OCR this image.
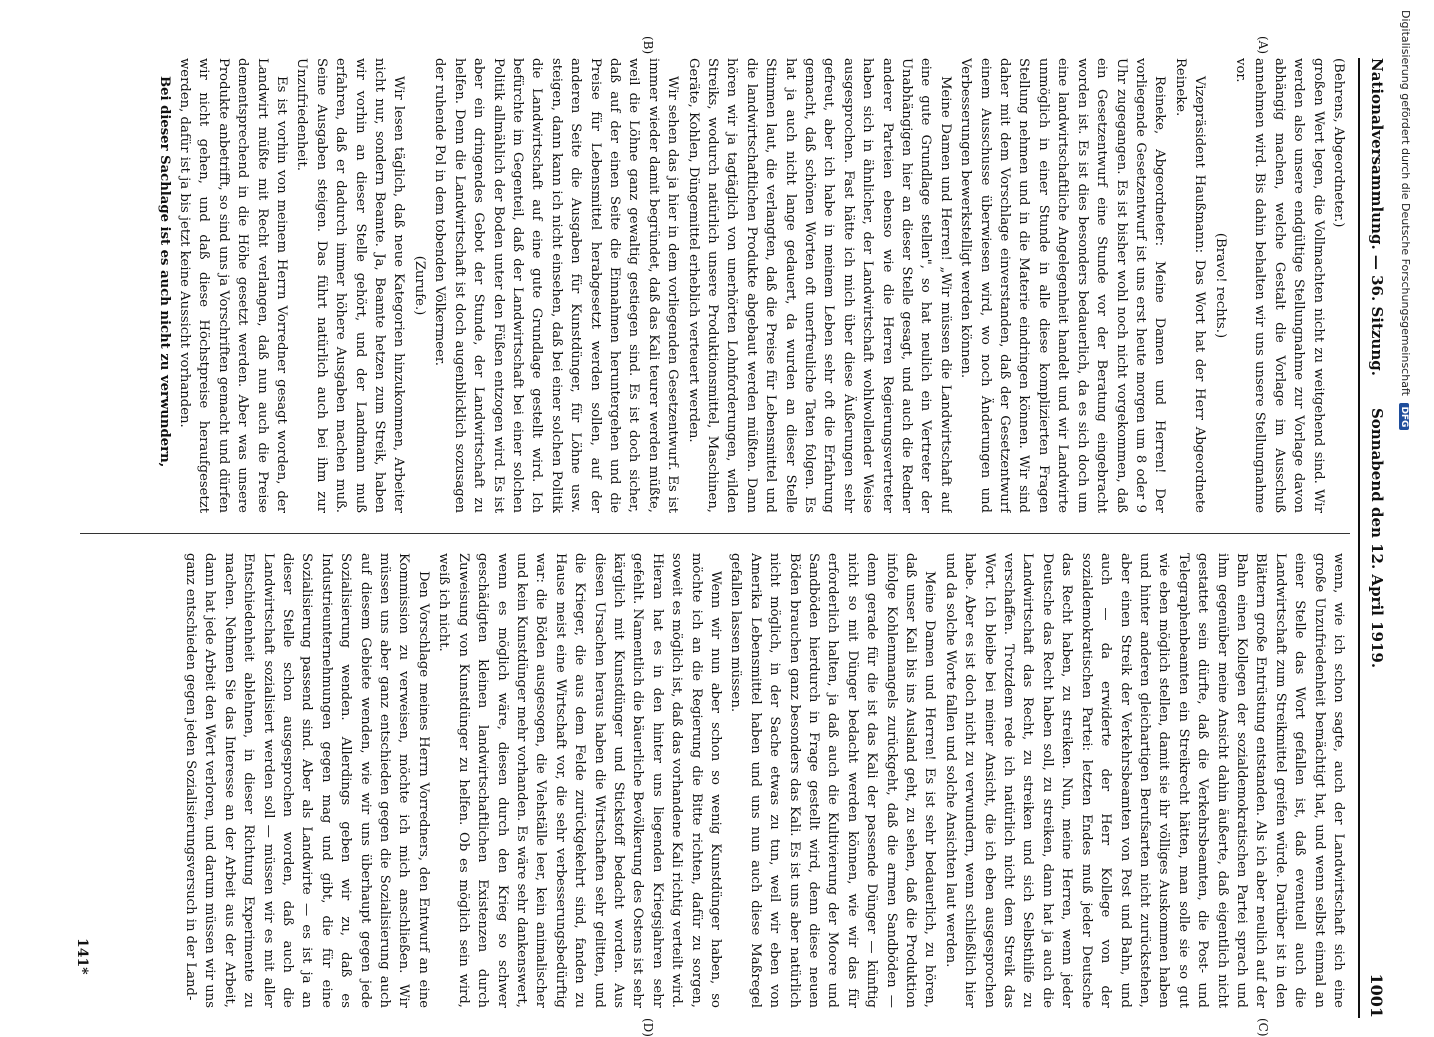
Nationalversammlung. — 36. Sitzung.
Sonnabend den 12. April 1919.
1001
(A)
(B)
(C)
(D)

(Behrens, Abgeordneter.)

großen Wert legen, die Vollmachten nicht zu weitgehend sind. Wir werden also unsere endgültige Stellungnahme zur Vorlage davon abhängig machen, welche Gestalt die Vorlage im Ausschuß annehmen wird. Bis dahin behalten wir uns unsere Stellungnahme vor.

(Bravo! rechts.)

Vizepräsident Haußmann: Das Wort hat der Herr Abgeordnete Reineke.

Reineke, Abgeordneter: Meine Damen und Herren! Der vorliegende Gesetzentwurf ist uns erst heute morgen um 8 oder 9 Uhr zugegangen. Es ist bisher wohl noch nicht vorgekommen, daß ein Gesetzentwurf eine Stunde vor der Beratung eingebracht worden ist. Es ist dies besonders bedauerlich, da es sich doch um eine landwirtschaftliche Angelegenheit handelt und wir Landwirte unmöglich in einer Stunde in alle diese komplizierten Fragen Stellung nehmen und in die Materie eindringen können. Wir sind daher mit dem Vorschlage einverstanden, daß der Gesetzentwurf einem Ausschusse überwiesen wird, wo noch Änderungen und Verbesserungen bewerkstelligt werden können.

Meine Damen und Herren! „Wir müssen die Landwirtschaft auf eine gute Grundlage stellen", so hat neulich ein Vertreter der Unabhängigen hier an dieser Stelle gesagt, und auch die Redner anderer Parteien ebenso wie die Herren Regierungsvertreter haben sich in ähnlicher, der Landwirtschaft wohlwollender Weise ausgesprochen. Fast hätte ich mich über diese Äußerungen sehr gefreut, aber ich habe in meinem Leben sehr oft die Erfahrung gemacht, daß schönen Worten oft unerfreuliche Taten folgen. Es hat ja auch nicht lange gedauert, da wurden an dieser Stelle Stimmen laut, die verlangten, daß die Preise für Lebensmittel und die landwirtschaftlichen Produkte abgebaut werden müßten. Dann hören wir ja tagtäglich von unerhörten Lohnforderungen, wilden Streiks, wodurch natürlich unsere Produktionsmittel, Maschinen, Geräte, Kohlen, Düngemittel erheblich verteuert werden.

Wir sehen das ja hier in dem vorliegenden Gesetzentwurf. Es ist immer wieder damit begründet, daß das Kali teurer werden müßte, weil die Löhne ganz gewaltig gestiegen sind. Es ist doch sicher, daß auf der einen Seite die Einnahmen heruntergehen und die Preise für Lebensmittel herabgesetzt werden sollen, auf der anderen Seite die Ausgaben für Kunstdünger, für Löhne usw. steigen, dann kann ich nicht einsehen, daß bei einer solchen Politik die Landwirtschaft auf eine gute Grundlage gestellt wird. Ich befürchte im Gegenteil, daß der Landwirtschaft bei einer solchen Politik allmählich der Boden unter den Füßen entzogen wird. Es ist aber ein dringendes Gebot der Stunde, der Landwirtschaft zu helfen. Denn die Landwirtschaft ist doch augenblicklich sozusagen der ruhende Pol in dem tobenden Völkermeer.

(Zurufe.)

Wir lesen täglich, daß neue Kategorien hinzukommen, Arbeiter nicht nur, sondern Beamte. Ja, Beamte hetzen zum Streik, haben wir vorhin an dieser Stelle gehört, und der Landmann muß erfahren, daß er dadurch immer höhere Ausgaben machen muß. Seine Ausgaben steigen. Das führt natürlich auch bei ihm zur Unzufriedenheit.

Es ist vorhin von meinem Herrn Vorredner gesagt worden, der Landwirt müßte mit Recht verlangen, daß nun auch die Preise dementsprechend in die Höhe gesetzt werden. Aber was unsere Produkte anbetrifft, so sind uns ja Vorschriften gemacht und dürfen wir nicht gehen, und daß diese Höchstpreise heraufgesetzt werden, dafür ist ja bis jetzt keine Aussicht vorhanden.

Bei dieser Sachlage ist es auch nicht zu verwundern,

wenn, wie ich schon sagte, auch der Landwirtschaft sich eine große Unzufriedenheit bemächtigt hat, und wenn selbst einmal an einer Stelle das Wort gefallen ist, daß eventuell auch die Landwirtschaft zum Streikmittel greifen würde. Darüber ist in den Blättern große Entrüstung entstanden. Als ich aber neulich auf der Bahn einen Kollegen der sozialdemokratischen Partei sprach und ihm gegenüber meine Ansicht dahin äußerte, daß eigentlich nicht gestattet sein dürfte, daß die Verkehrsbeamten, die Post- und Telegraphenbeamten ein Streikrecht hätten, man solle sie so gut wie eben möglich stellen, damit sie ihr völliges Auskommen haben und hinter anderen gleichartigen Berufsarten nicht zurückstehen, aber einen Streik der Verkehrsbeamten von Post und Bahn, und auch — da erwiderte der Herr Kollege von der sozialdemokratischen Partei: letzten Endes muß jeder Deutsche das Recht haben, zu streiken. Nun, meine Herren, wenn jeder Deutsche das Recht haben soll, zu streiken, dann hat ja auch die Landwirtschaft das Recht, zu streiken und sich Selbsthilfe zu verschaffen. Trotzdem rede ich natürlich nicht dem Streik das Wort. Ich bleibe bei meiner Ansicht, die ich eben ausgesprochen habe. Aber es ist doch nicht zu verwundern, wenn schließlich hier und da solche Worte fallen und solche Ansichten laut werden.

Meine Damen und Herren! Es ist sehr bedauerlich, zu hören, daß unser Kali bis ins Ausland geht, zu sehen, daß die Produktion infolge Kohlenmangels zurückgeht, daß die armen Sandböden — denn gerade für die ist das Kali der passende Dünger — künftig nicht so mit Dünger bedacht werden können, wie wir das für erforderlich halten, ja daß auch die Kultivierung der Moore und Sandböden hierdurch in Frage gestellt wird, denn diese neuen Böden brauchen ganz besonders das Kali. Es ist uns aber natürlich nicht möglich, in der Sache etwas zu tun, weil wir eben von Amerika Lebensmittel haben und uns nun auch diese Maßregel gefallen lassen müssen.

Wenn wir nun aber schon so wenig Kunstdünger haben, so möchte ich an die Regierung die Bitte richten, dafür zu sorgen, soweit es möglich ist, daß das vorhandene Kali richtig verteilt wird. Hieran hat es in den hinter uns liegenden Kriegsjahren sehr gefehlt. Namentlich die bäuerliche Bevölkerung des Ostens ist sehr kärglich mit Kunstdünger und Stickstoff bedacht worden. Aus diesen Ursachen heraus haben die Wirtschaften sehr gelitten, und die Krieger, die aus dem Felde zurückgekehrt sind, fanden zu Hause meist eine Wirtschaft vor, die sehr verbesserungsbedürftig war: die Böden ausgesogen, die Viehställe leer, kein animalischer und kein Kunstdünger mehr vorhanden. Es wäre sehr dankenswert, wenn es möglich wäre, diesen durch den Krieg so schwer geschädigten kleinen landwirtschaftlichen Existenzen durch Zuweisung von Kunstdünger zu helfen. Ob es möglich sein wird, weiß ich nicht.

Den Vorschlage meines Herrn Vorredners, den Entwurf an eine Kommission zu verweisen, möchte ich mich anschließen. Wir müssen uns aber ganz entschieden gegen die Sozialisierung auch auf diesem Gebiete wenden, wie wir uns überhaupt gegen jede Sozialisierung wenden. Allerdings geben wir zu, daß es Industrieunternehmungen gegen mag und gibt, die für eine Sozialisierung passend sind. Aber als Landwirte — es ist ja an dieser Stelle schon ausgesprochen worden, daß auch die Landwirtschaft sozialisiert werden soll — müssen wir es mit aller Entschiedenheit ablehnen, in dieser Richtung Experimente zu machen. Nehmen Sie das Interesse an der Arbeit aus der Arbeit, dann hat jede Arbeit den Wert verloren, und darum müssen wir uns ganz entschieden gegen jeden Sozialisierungsversuch in der Land-

141*
Digitalisierung gefördert durch die Deutsche Forschungsgemeinschaft DFG
